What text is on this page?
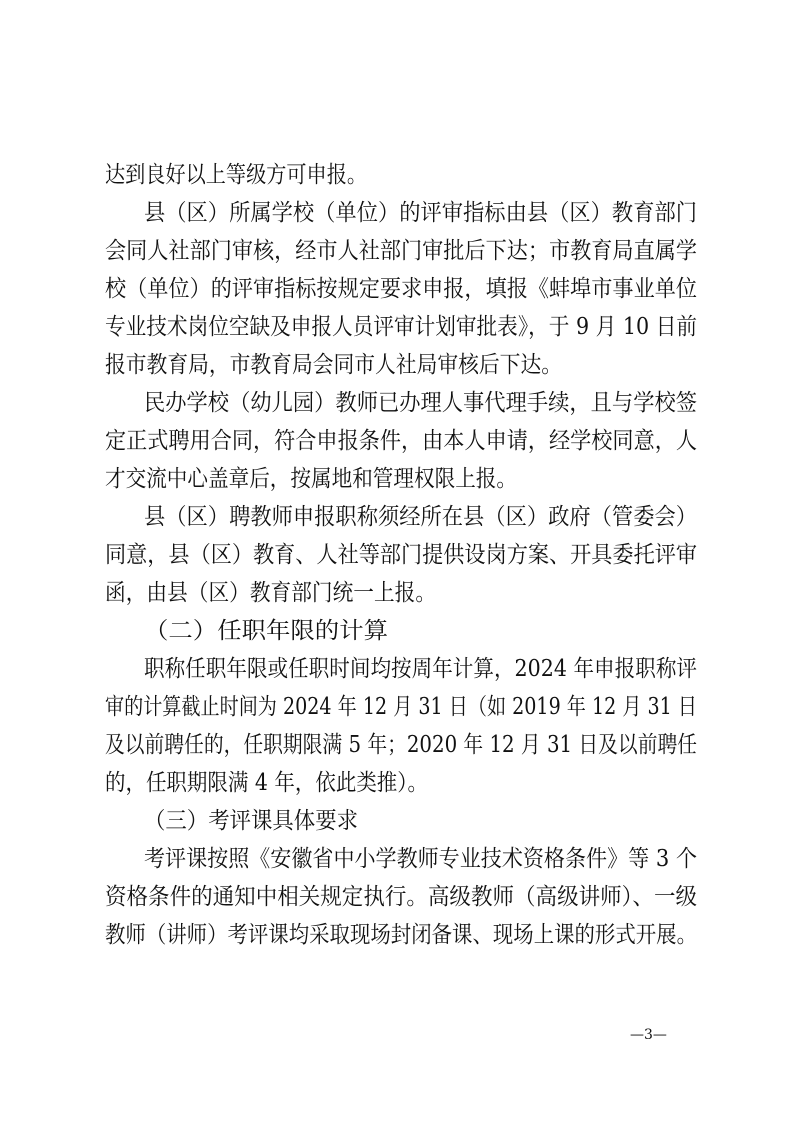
达到良好以上等级方可申报。
县（区）所属学校（单位）的评审指标由县（区）教育部门
会同人社部门审核，经市人社部门审批后下达；市教育局直属学
校（单位）的评审指标按规定要求申报，填报《蚌埠市事业单位
专业技术岗位空缺及申报人员评审计划审批表》，于 9 月 10 日前
报市教育局，市教育局会同市人社局审核后下达。
民办学校（幼儿园）教师已办理人事代理手续，且与学校签
定正式聘用合同，符合申报条件，由本人申请，经学校同意，人
才交流中心盖章后，按属地和管理权限上报。
县（区）聘教师申报职称须经所在县（区）政府（管委会）
同意，县（区）教育、人社等部门提供设岗方案、开具委托评审
函，由县（区）教育部门统一上报。
（二）任职年限的计算
职称任职年限或任职时间均按周年计算，2024 年申报职称评
审的计算截止时间为 2024 年 12 月 31 日（如 2019 年 12 月 31 日
及以前聘任的，任职期限满 5 年；2020 年 12 月 31 日及以前聘任
的，任职期限满 4 年，依此类推）。
（三）考评课具体要求
考评课按照《安徽省中小学教师专业技术资格条件》等 3 个
资格条件的通知中相关规定执行。高级教师（高级讲师）、一级
教师（讲师）考评课均采取现场封闭备课、现场上课的形式开展。
—3—
